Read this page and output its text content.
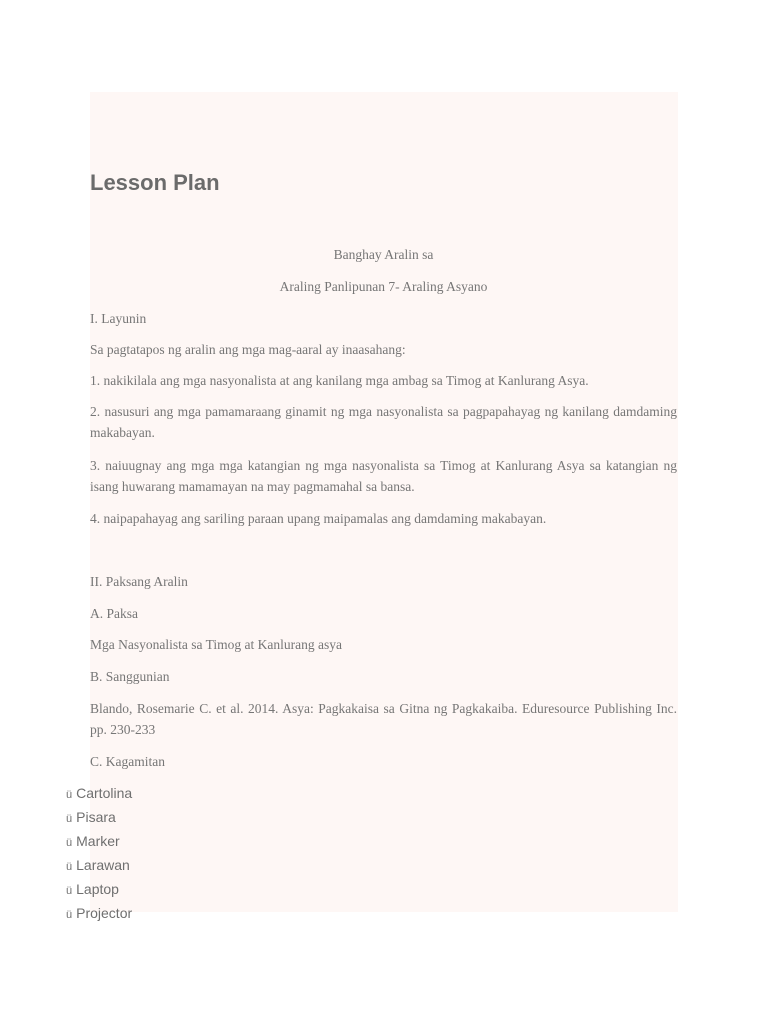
Lesson Plan

Banghay Aralin sa

Araling Panlipunan 7- Araling Asyano

I. Layunin

Sa pagtatapos ng aralin ang mga mag-aaral ay inaasahang:

1. nakikilala ang mga nasyonalista at ang kanilang mga ambag sa Timog at Kanlurang Asya.

2. nasusuri ang mga pamamaraang ginamit ng mga nasyonalista sa pagpapahayag ng kanilang damdaming makabayan.

3. naiuugnay ang mga mga katangian ng mga nasyonalista sa Timog at Kanlurang Asya sa katangian ng isang huwarang mamamayan na may pagmamahal sa bansa.

4. naipapahayag ang sariling paraan upang maipamalas ang damdaming makabayan.

II. Paksang Aralin

A. Paksa

Mga Nasyonalista sa Timog at Kanlurang asya

B. Sanggunian

Blando, Rosemarie C. et al. 2014. Asya: Pagkakaisa sa Gitna ng Pagkakaiba. Eduresource Publishing Inc. pp. 230-233

C. Kagamitan

ü Cartolina
ü Pisara
ü Marker
ü Larawan
ü Laptop
ü Projector
